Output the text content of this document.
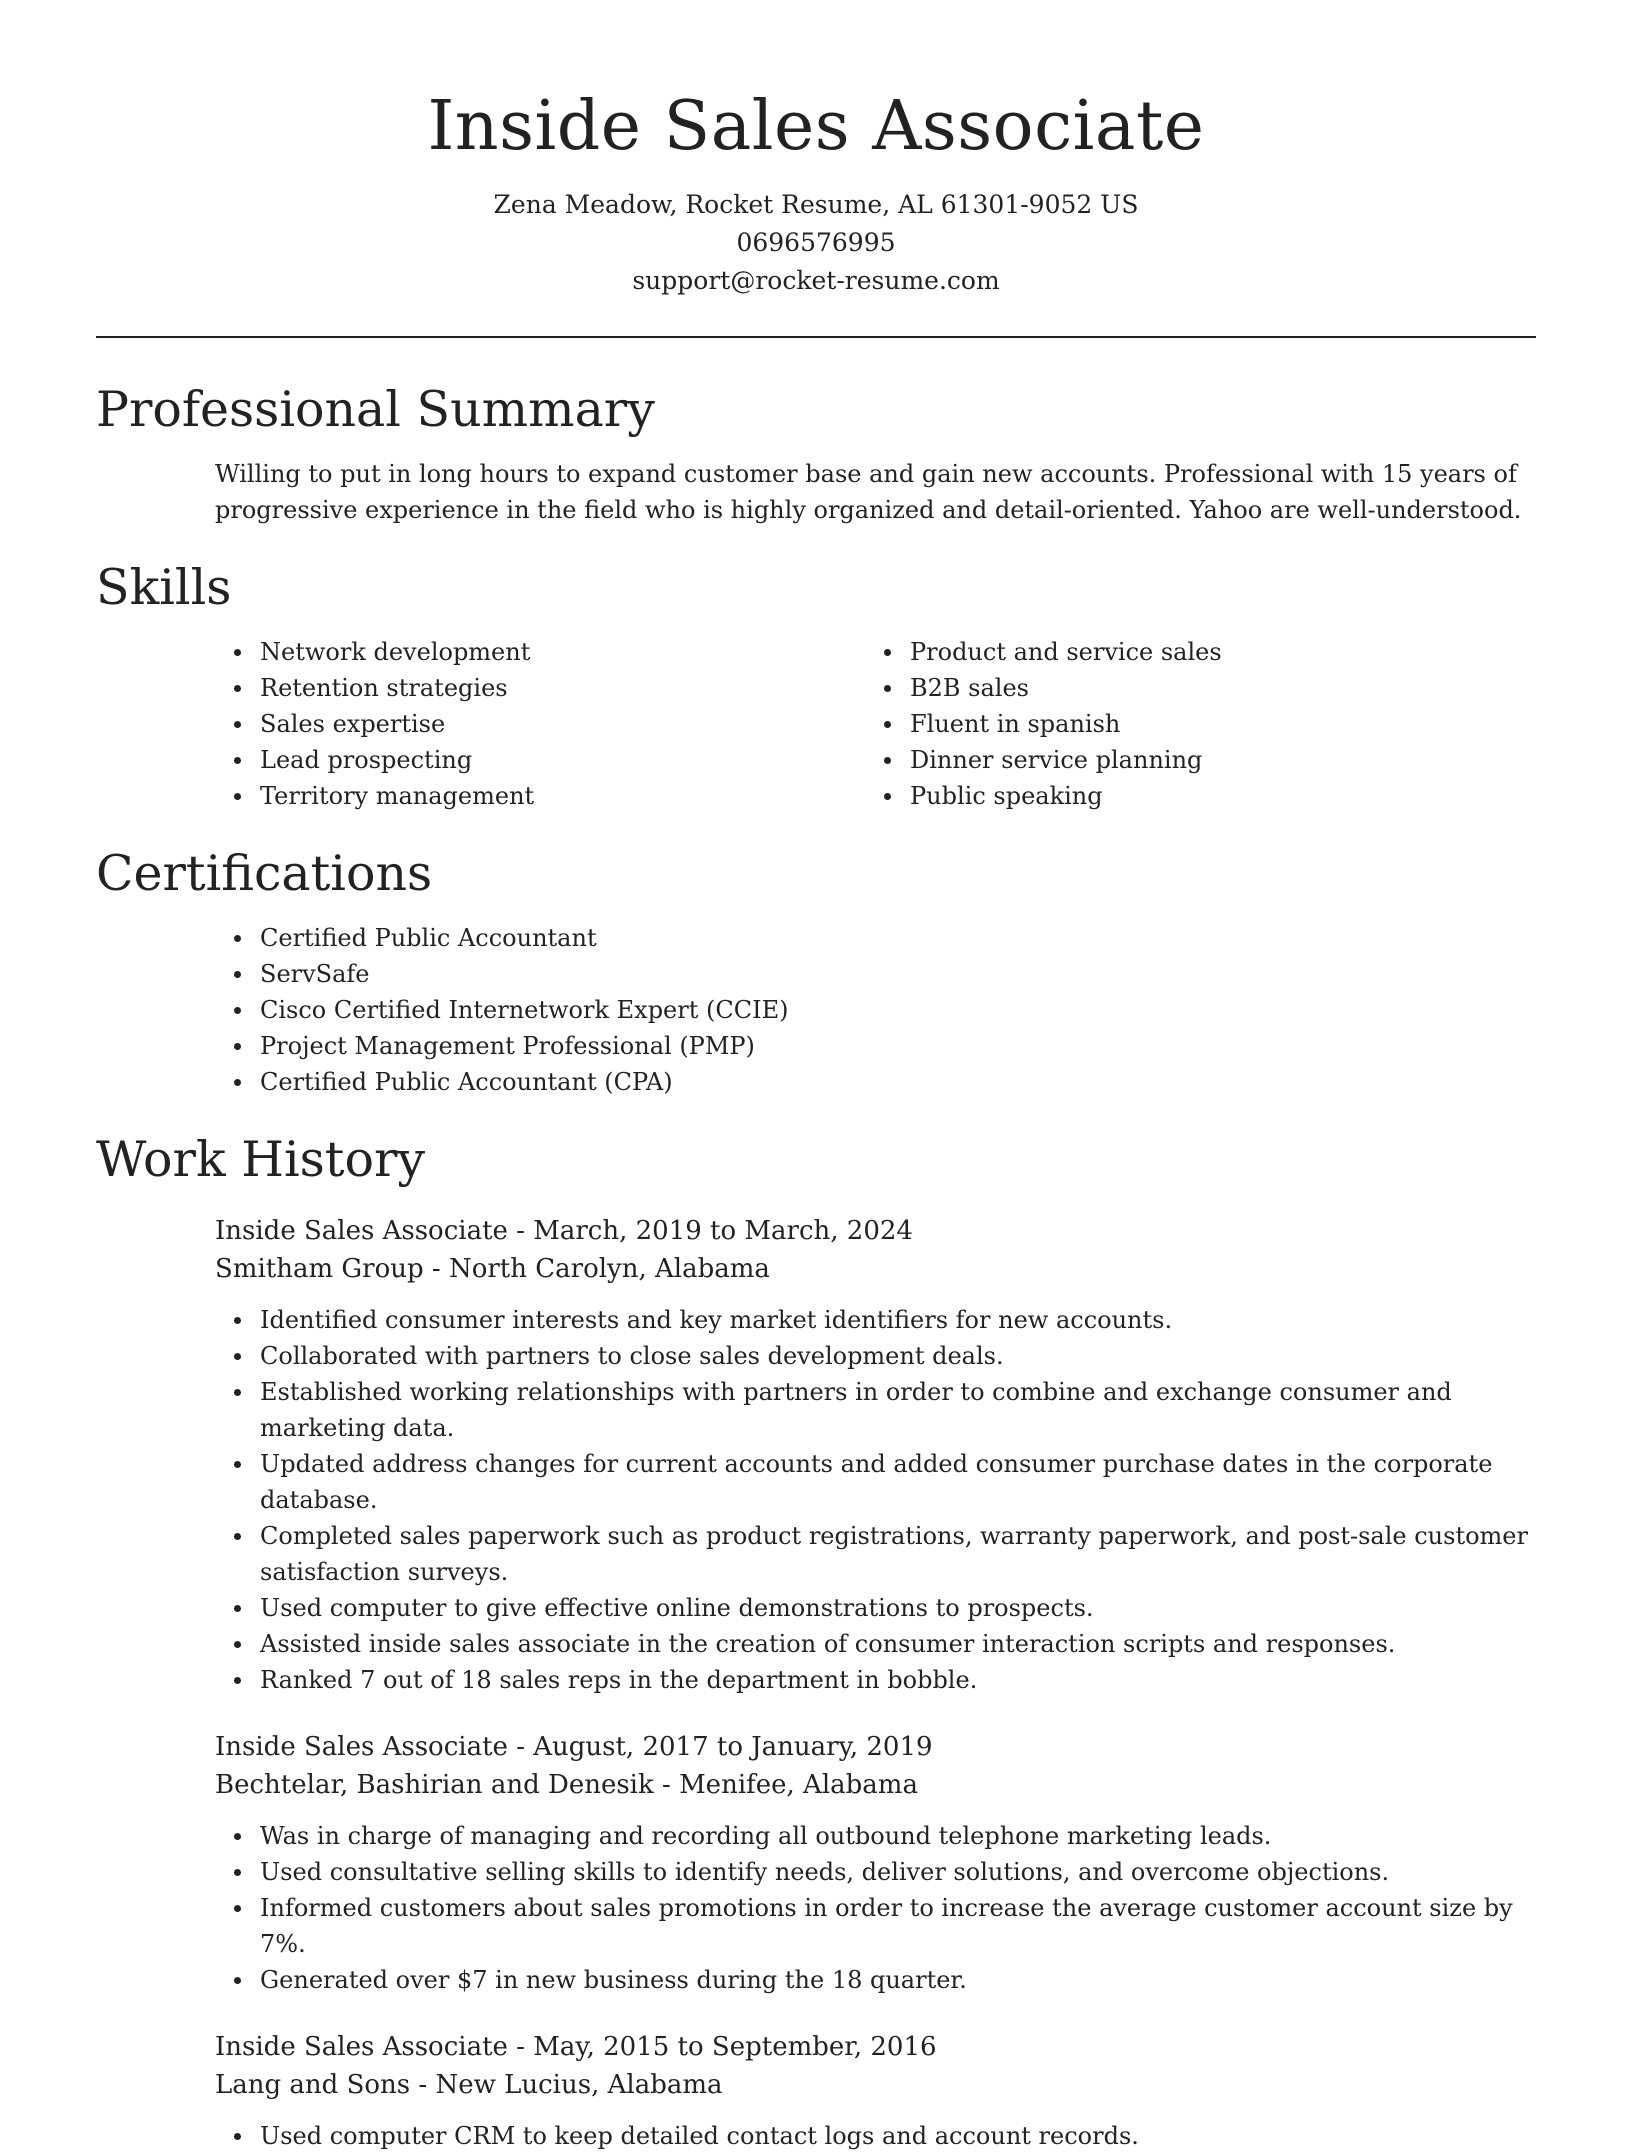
Inside Sales Associate
Zena Meadow, Rocket Resume, AL 61301-9052 US
0696576995
support@rocket-resume.com
Professional Summary
Willing to put in long hours to expand customer base and gain new accounts. Professional with 15 years of progressive experience in the field who is highly organized and detail-oriented. Yahoo are well-understood.
Skills
Network development
Retention strategies
Sales expertise
Lead prospecting
Territory management
Product and service sales
B2B sales
Fluent in spanish
Dinner service planning
Public speaking
Certifications
Certified Public Accountant
ServSafe
Cisco Certified Internetwork Expert (CCIE)
Project Management Professional (PMP)
Certified Public Accountant (CPA)
Work History
Inside Sales Associate - March, 2019 to March, 2024
Smitham Group - North Carolyn, Alabama
Identified consumer interests and key market identifiers for new accounts.
Collaborated with partners to close sales development deals.
Established working relationships with partners in order to combine and exchange consumer and marketing data.
Updated address changes for current accounts and added consumer purchase dates in the corporate database.
Completed sales paperwork such as product registrations, warranty paperwork, and post-sale customer satisfaction surveys.
Used computer to give effective online demonstrations to prospects.
Assisted inside sales associate in the creation of consumer interaction scripts and responses.
Ranked 7 out of 18 sales reps in the department in bobble.
Inside Sales Associate - August, 2017 to January, 2019
Bechtelar, Bashirian and Denesik - Menifee, Alabama
Was in charge of managing and recording all outbound telephone marketing leads.
Used consultative selling skills to identify needs, deliver solutions, and overcome objections.
Informed customers about sales promotions in order to increase the average customer account size by 7%.
Generated over $7 in new business during the 18 quarter.
Inside Sales Associate - May, 2015 to September, 2016
Lang and Sons - New Lucius, Alabama
Used computer CRM to keep detailed contact logs and account records.
